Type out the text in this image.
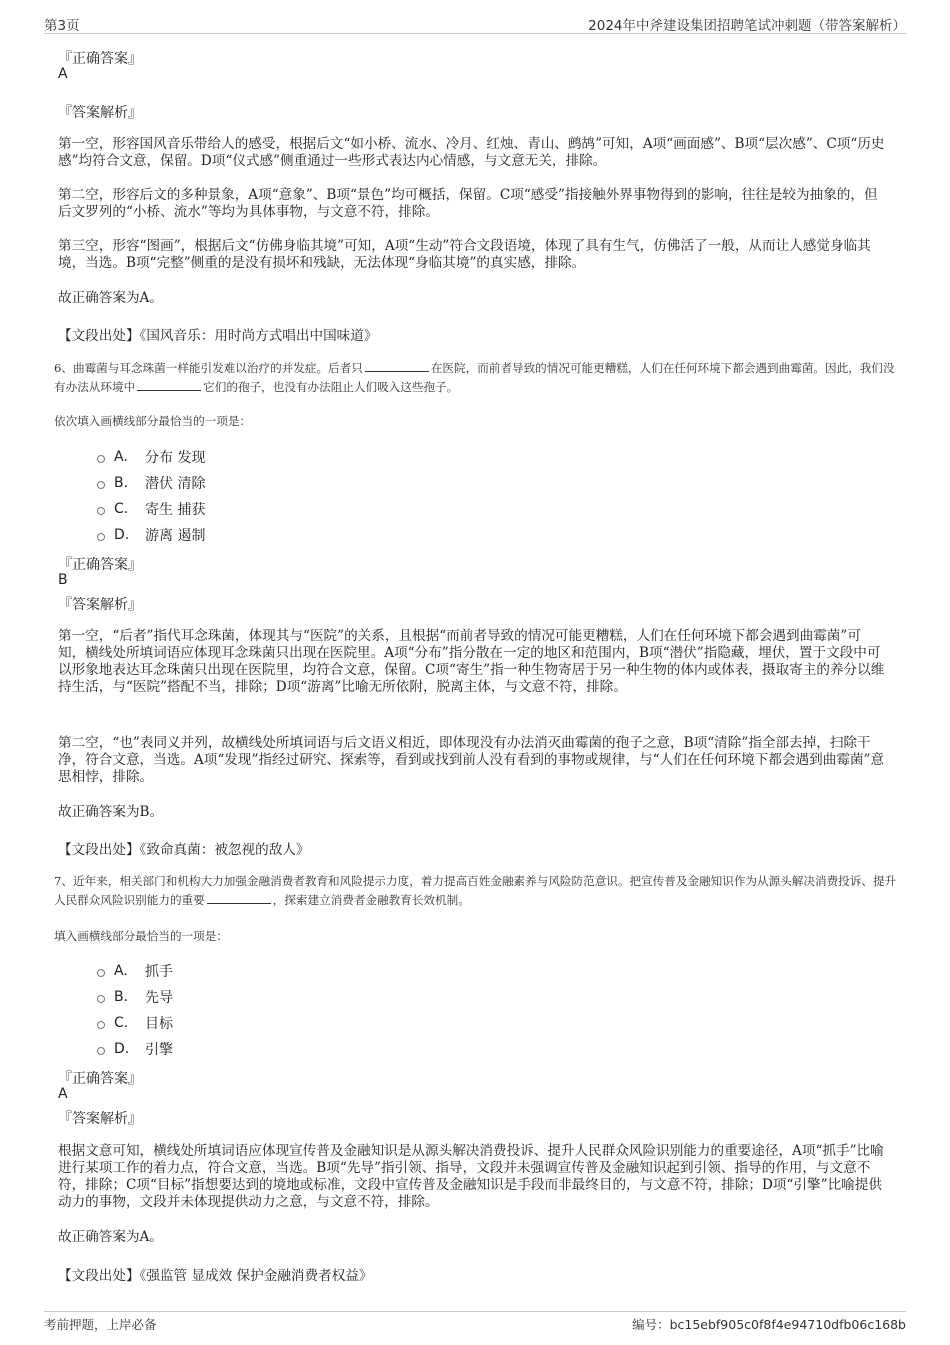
第3页	2024年中斧建设集团招聘笔试冲刺题（带答案解析）
『正确答案』
A
『答案解析』
第一空，形容国风音乐带给人的感受，根据后文“如小桥、流水、冷月、红烛、青山、鹧鸪”可知，A项“画面感”、B项“层次感”、C项“历史感”均符合文意，保留。D项“仪式感”侧重通过一些形式表达内心情感，与文意无关，排除。
第二空，形容后文的多种景象，A项“意象”、B项“景色”均可概括，保留。C项“感受”指接触外界事物得到的影响，往往是较为抽象的，但后文罗列的“小桥、流水”等均为具体事物，与文意不符，排除。
第三空，形容“图画”，根据后文“仿佛身临其境”可知，A项“生动”符合文段语境，体现了具有生气，仿佛活了一般，从而让人感觉身临其境，当选。B项“完整”侧重的是没有损坏和残缺，无法体现“身临其境”的真实感，排除。
故正确答案为A。
【文段出处】《国风音乐：用时尚方式唱出中国味道》
6、曲霉菌与耳念珠菌一样能引发难以治疗的并发症。后者只	在医院，而前者导致的情况可能更糟糕，人们在任何环境下都会遇到曲霉菌。因此，我们没有办法从环境中	它们的孢子，也没有办法阻止人们吸入这些孢子。
依次填入画横线部分最恰当的一项是：
A.	分布 发现
B.	潜伏 清除
C.	寄生 捕获
D.	游离 遏制
『正确答案』
B
『答案解析』
第一空，“后者”指代耳念珠菌，体现其与“医院”的关系，且根据“而前者导致的情况可能更糟糕，人们在任何环境下都会遇到曲霉菌”可知，横线处所填词语应体现耳念珠菌只出现在医院里。A项“分布”指分散在一定的地区和范围内，B项“潜伏”指隐藏，埋伏，置于文段中可以形象地表达耳念珠菌只出现在医院里，均符合文意，保留。C项“寄生”指一种生物寄居于另一种生物的体内或体表，摄取寄主的养分以维持生活，与“医院”搭配不当，排除；D项“游离”比喻无所依附，脱离主体，与文意不符，排除。
第二空，“也”表同义并列，故横线处所填词语与后文语义相近，即体现没有办法消灭曲霉菌的孢子之意，B项“清除”指全部去掉，扫除干净，符合文意，当选。A项“发现”指经过研究、探索等，看到或找到前人没有看到的事物或规律，与“人们在任何环境下都会遇到曲霉菌”意思相悖，排除。
故正确答案为B。
【文段出处】《致命真菌：被忽视的敌人》
7、近年来，相关部门和机构大力加强金融消费者教育和风险提示力度，着力提高百姓金融素养与风险防范意识。把宣传普及金融知识作为从源头解决消费投诉、提升人民群众风险识别能力的重要	，探索建立消费者金融教育长效机制。
填入画横线部分最恰当的一项是：
A.	抓手
B.	先导
C.	目标
D.	引擎
『正确答案』
A
『答案解析』
根据文意可知，横线处所填词语应体现宣传普及金融知识是从源头解决消费投诉、提升人民群众风险识别能力的重要途径，A项“抓手”比喻进行某项工作的着力点，符合文意，当选。B项“先导”指引领、指导，文段并未强调宣传普及金融知识起到引领、指导的作用，与文意不符，排除；C项“目标”指想要达到的境地或标准，文段中宣传普及金融知识是手段而非最终目的，与文意不符，排除；D项“引擎”比喻提供动力的事物，文段并未体现提供动力之意，与文意不符，排除。
故正确答案为A。
【文段出处】《强监管 显成效 保护金融消费者权益》
考前押题，上岸必备	编号：bc15ebf905c0f8f4e94710dfb06c168b
